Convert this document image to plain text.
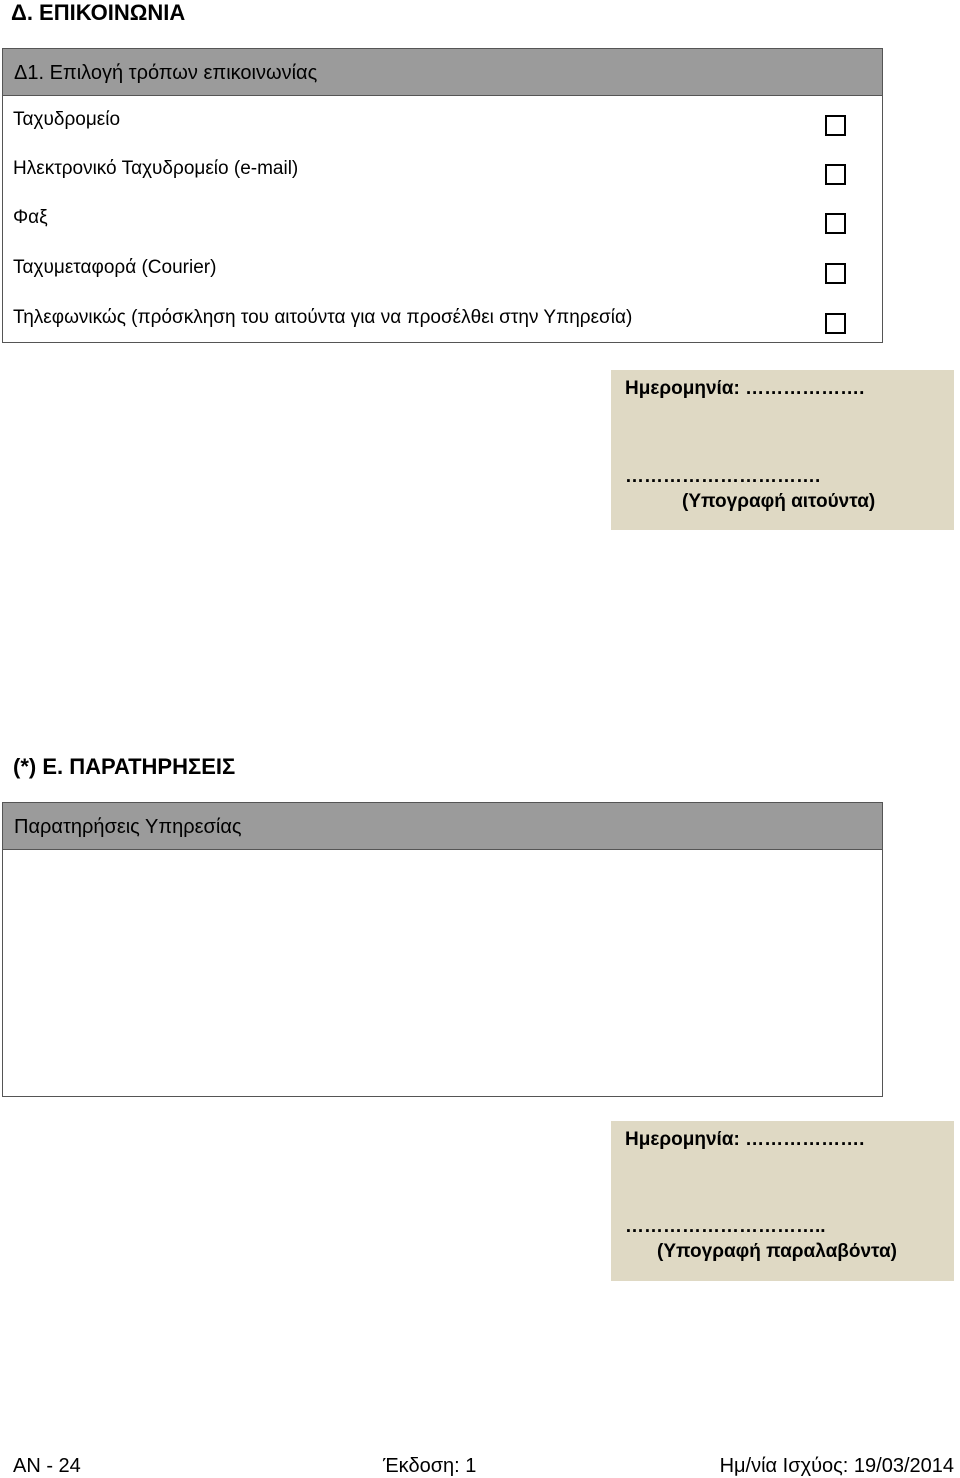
Δ. ΕΠΙΚΟΙΝΩΝΙΑ
Δ1. Επιλογή τρόπων επικοινωνίας
Ταχυδρομείο
Ηλεκτρονικό Ταχυδρομείο (e-mail)
Φαξ
Ταχυμεταφορά (Courier)
Τηλεφωνικώς (πρόσκληση του αιτούντα για να προσέλθει στην Υπηρεσία)
Ημερομηνία: ……………….
………………………….
(Υπογραφή αιτούντα)
(*) Ε. ΠΑΡΑΤΗΡΗΣΕΙΣ
Παρατηρήσεις Υπηρεσίας
Ημερομηνία: ……………….
…………………………..
(Υπογραφή παραλαβόντα)
ΑΝ - 24	Έκδοση: 1	Ημ/νία Ισχύος: 19/03/2014
